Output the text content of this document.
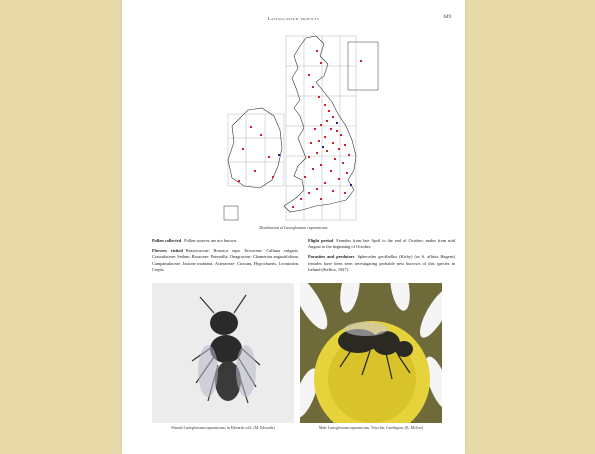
Lasioglossum profiles	649
Distribution of Lasioglossum cupromicans

Pollen collected Pollen sources are not known.

Flowers visited Brassicaceae: Brassica rapa. Ericaceae: Calluna vulgaris. Crassulaceae: Sedum. Rosaceae: Potentilla. Onagraceae: Chamerion angustifolium. Campanulaceae: Jasione montana. Asteraceae: Cirsium, Hypochaeris, Leontodon, Crepis.

Flight period Females from late April to the end of October; males from mid August to the beginning of October.

Parasites and predators Sphecodes geoffrellus (Kirby) (as S. affinis Hagens) females have been seen investigating probable nest burrows of this species in Ireland (Stelfox, 1927).

Female Lasioglossum cupromicans, in Edwards coll., (M. Edwards)	Male Lasioglossum cupromicans, Ynys-hir, Ceredigion, (K. McGee)
